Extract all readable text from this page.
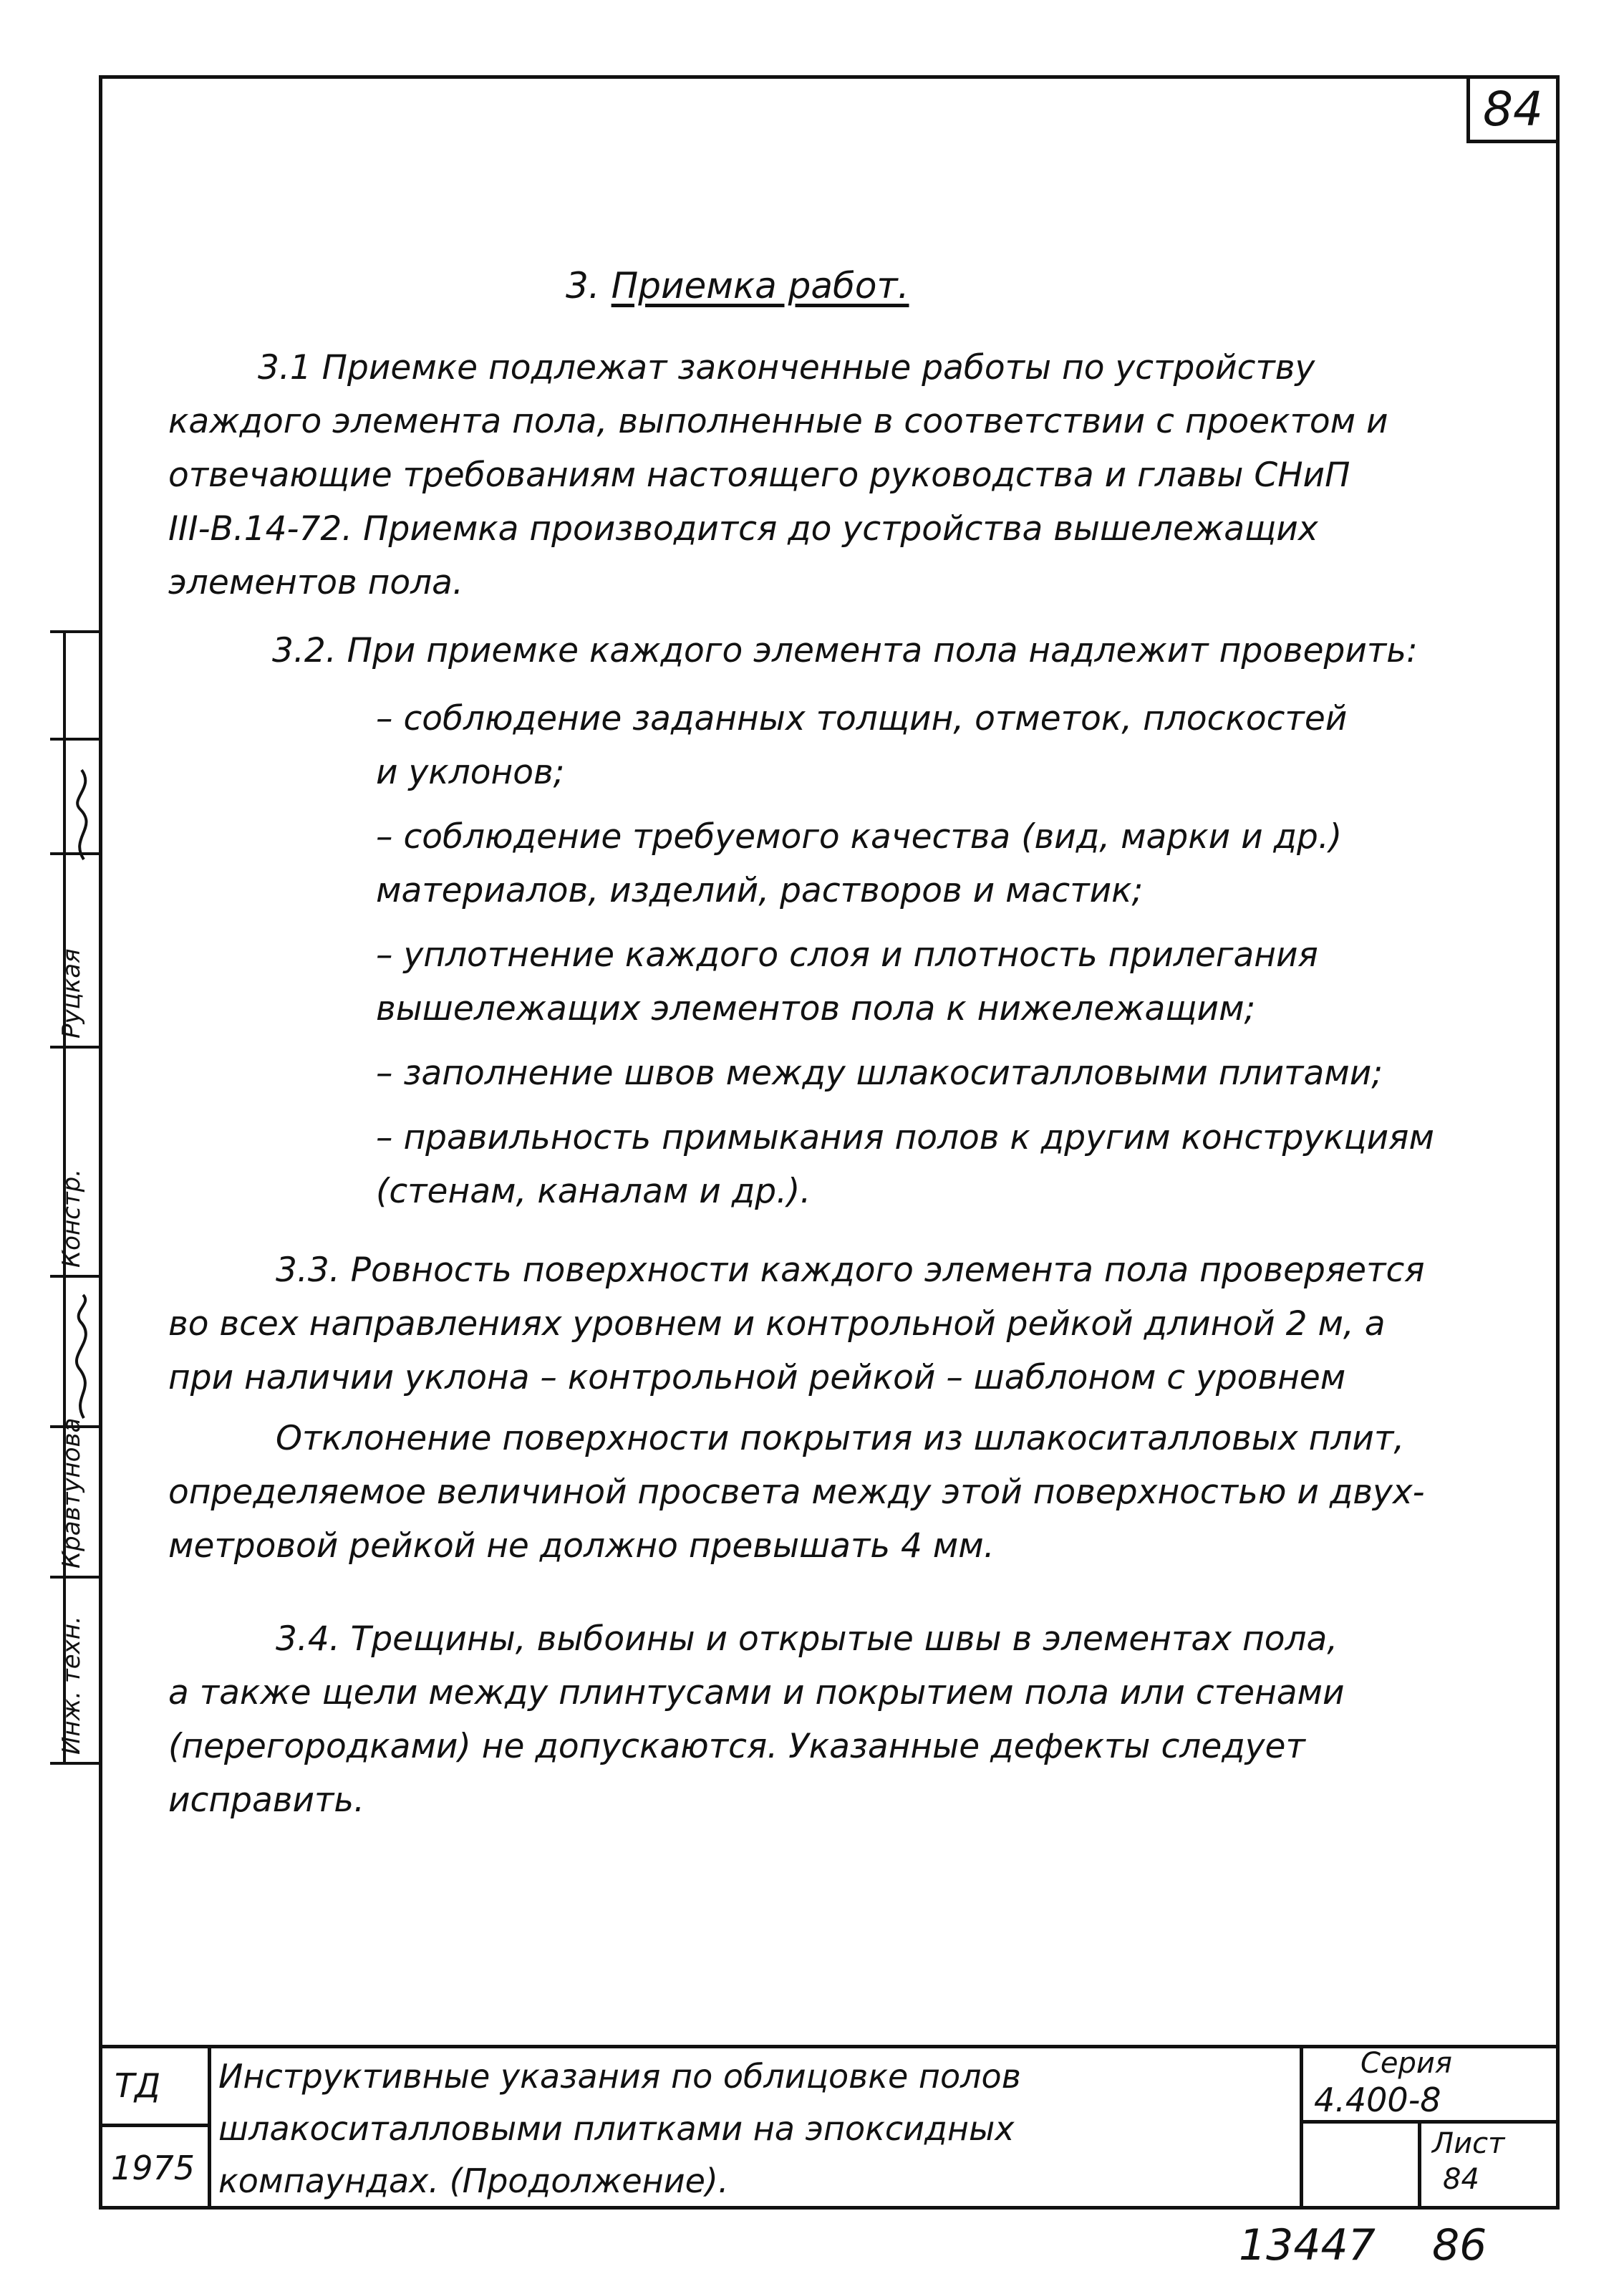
84
3. Приемка работ.
3.1 Приемке подлежат законченные работы по устройству
каждого элемента пола, выполненные в соответствии с проектом и
отвечающие требованиям настоящего руководства и главы СНиП
III-В.14-72. Приемка производится до устройства вышележащих
элементов пола.
3.2. При приемке каждого элемента пола надлежит проверить:
– соблюдение заданных толщин, отметок, плоскостей
и уклонов;
– соблюдение требуемого качества (вид, марки и др.)
материалов, изделий, растворов и мастик;
– уплотнение каждого слоя и плотность прилегания
вышележащих элементов пола к нижележащим;
– заполнение швов между шлакоситалловыми плитами;
– правильность примыкания полов к другим конструкциям
(стенам, каналам и др.).
3.3. Ровность поверхности каждого элемента пола проверяется
во всех направлениях уровнем и контрольной рейкой длиной 2 м, а
при наличии уклона – контрольной рейкой – шаблоном с уровнем
Отклонение поверхности покрытия из шлакоситалловых плит,
определяемое величиной просвета между этой поверхностью и двух-
метровой рейкой не должно превышать 4 мм.
3.4. Трещины, выбоины и открытые швы в элементах пола,
а также щели между плинтусами и покрытием пола или стенами
(перегородками) не допускаются. Указанные дефекты следует
исправить.
Инж. техн.
Кравтунова
Констр.
Руцкая
ТД
1975
Инструктивные указания по облицовке полов
шлакоситалловыми плитками на эпоксидных
компаундах. (Продолжение).
Серия
4.400-8
Лист
84
13447 86
